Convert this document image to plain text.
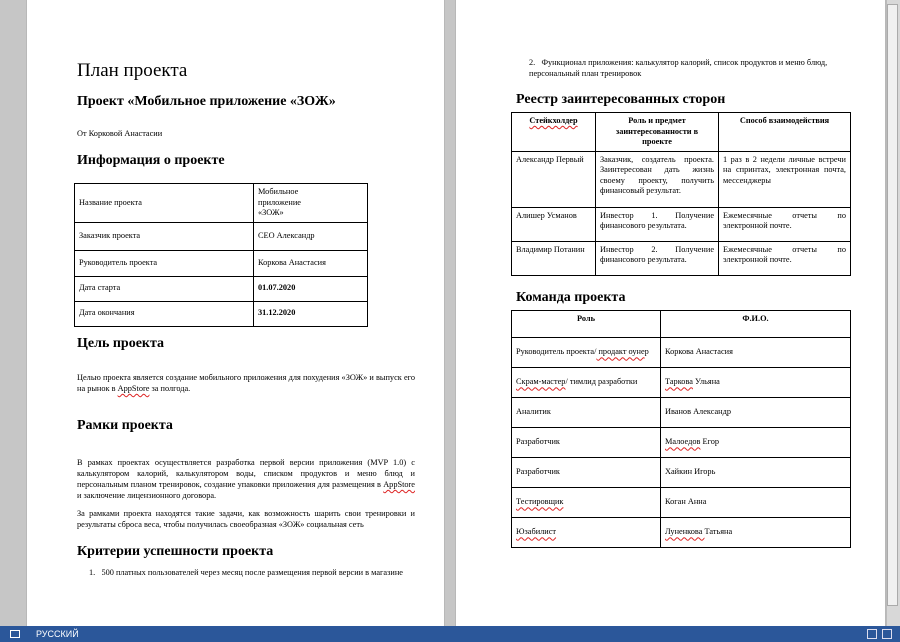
План проекта
Проект «Мобильное приложение «ЗОЖ»
От Корковой Анастасии
Информация о проекте
Название проекта	Мобильное приложение «ЗОЖ»
Заказчик проекта	CEO Александр
Руководитель проекта	Коркова Анастасия
Дата старта	01.07.2020
Дата окончания	31.12.2020
Цель проекта
Целью проекта является создание мобильного приложения для похудения «ЗОЖ» и выпуск его на рынок в AppStore за полгода.
Рамки проекта
В рамках проектах осуществляется разработка первой версии приложения (MVP 1.0) с калькулятором калорий, калькулятором воды, списком продуктов и меню блюд и персональным планом тренировок, создание упаковки приложения для размещения в AppStore и заключение лицензионного договора.
За рамками проекта находятся такие задачи, как возможность шарить свои тренировки и результаты сброса веса, чтобы получилась своеобразная «ЗОЖ» социальная сеть
Критерии успешности проекта
1.   500 платных пользователей через месяц после размещения первой версии в магазине
2.   Функционал приложения: калькулятор калорий, список продуктов и меню блюд, персональный план тренировок
Реестр заинтересованных сторон
Стейкхолдер	Роль и предмет заинтересованности в проекте	Способ взаимодействия
Александр Первый	Заказчик, создатель проекта. Заинтересован дать жизнь своему проекту, получить финансовый результат.	1 раз в 2 недели личные встречи на спринтах, электронная почта, мессенджеры
Алишер Усманов	Инвестор 1. Получение финансового результата.	Ежемесячные отчеты по электронной почте.
Владимир Потанин	Инвестор 2. Получение финансового результата.	Ежемесячные отчеты по электронной почте.
Команда проекта
Роль	Ф.И.О.
Руководитель проекта/ продакт оунер	Коркова Анастасия
Скрам-мастер/ тимлид разработки	Таркова Ульяна
Аналитик	Иванов Александр
Разработчик	Малоедов Егор
Разработчик	Хайкин Игорь
Тестировщик	Коган Анна
Юзабилист	Луненкова Татьяна
РУССКИЙ
